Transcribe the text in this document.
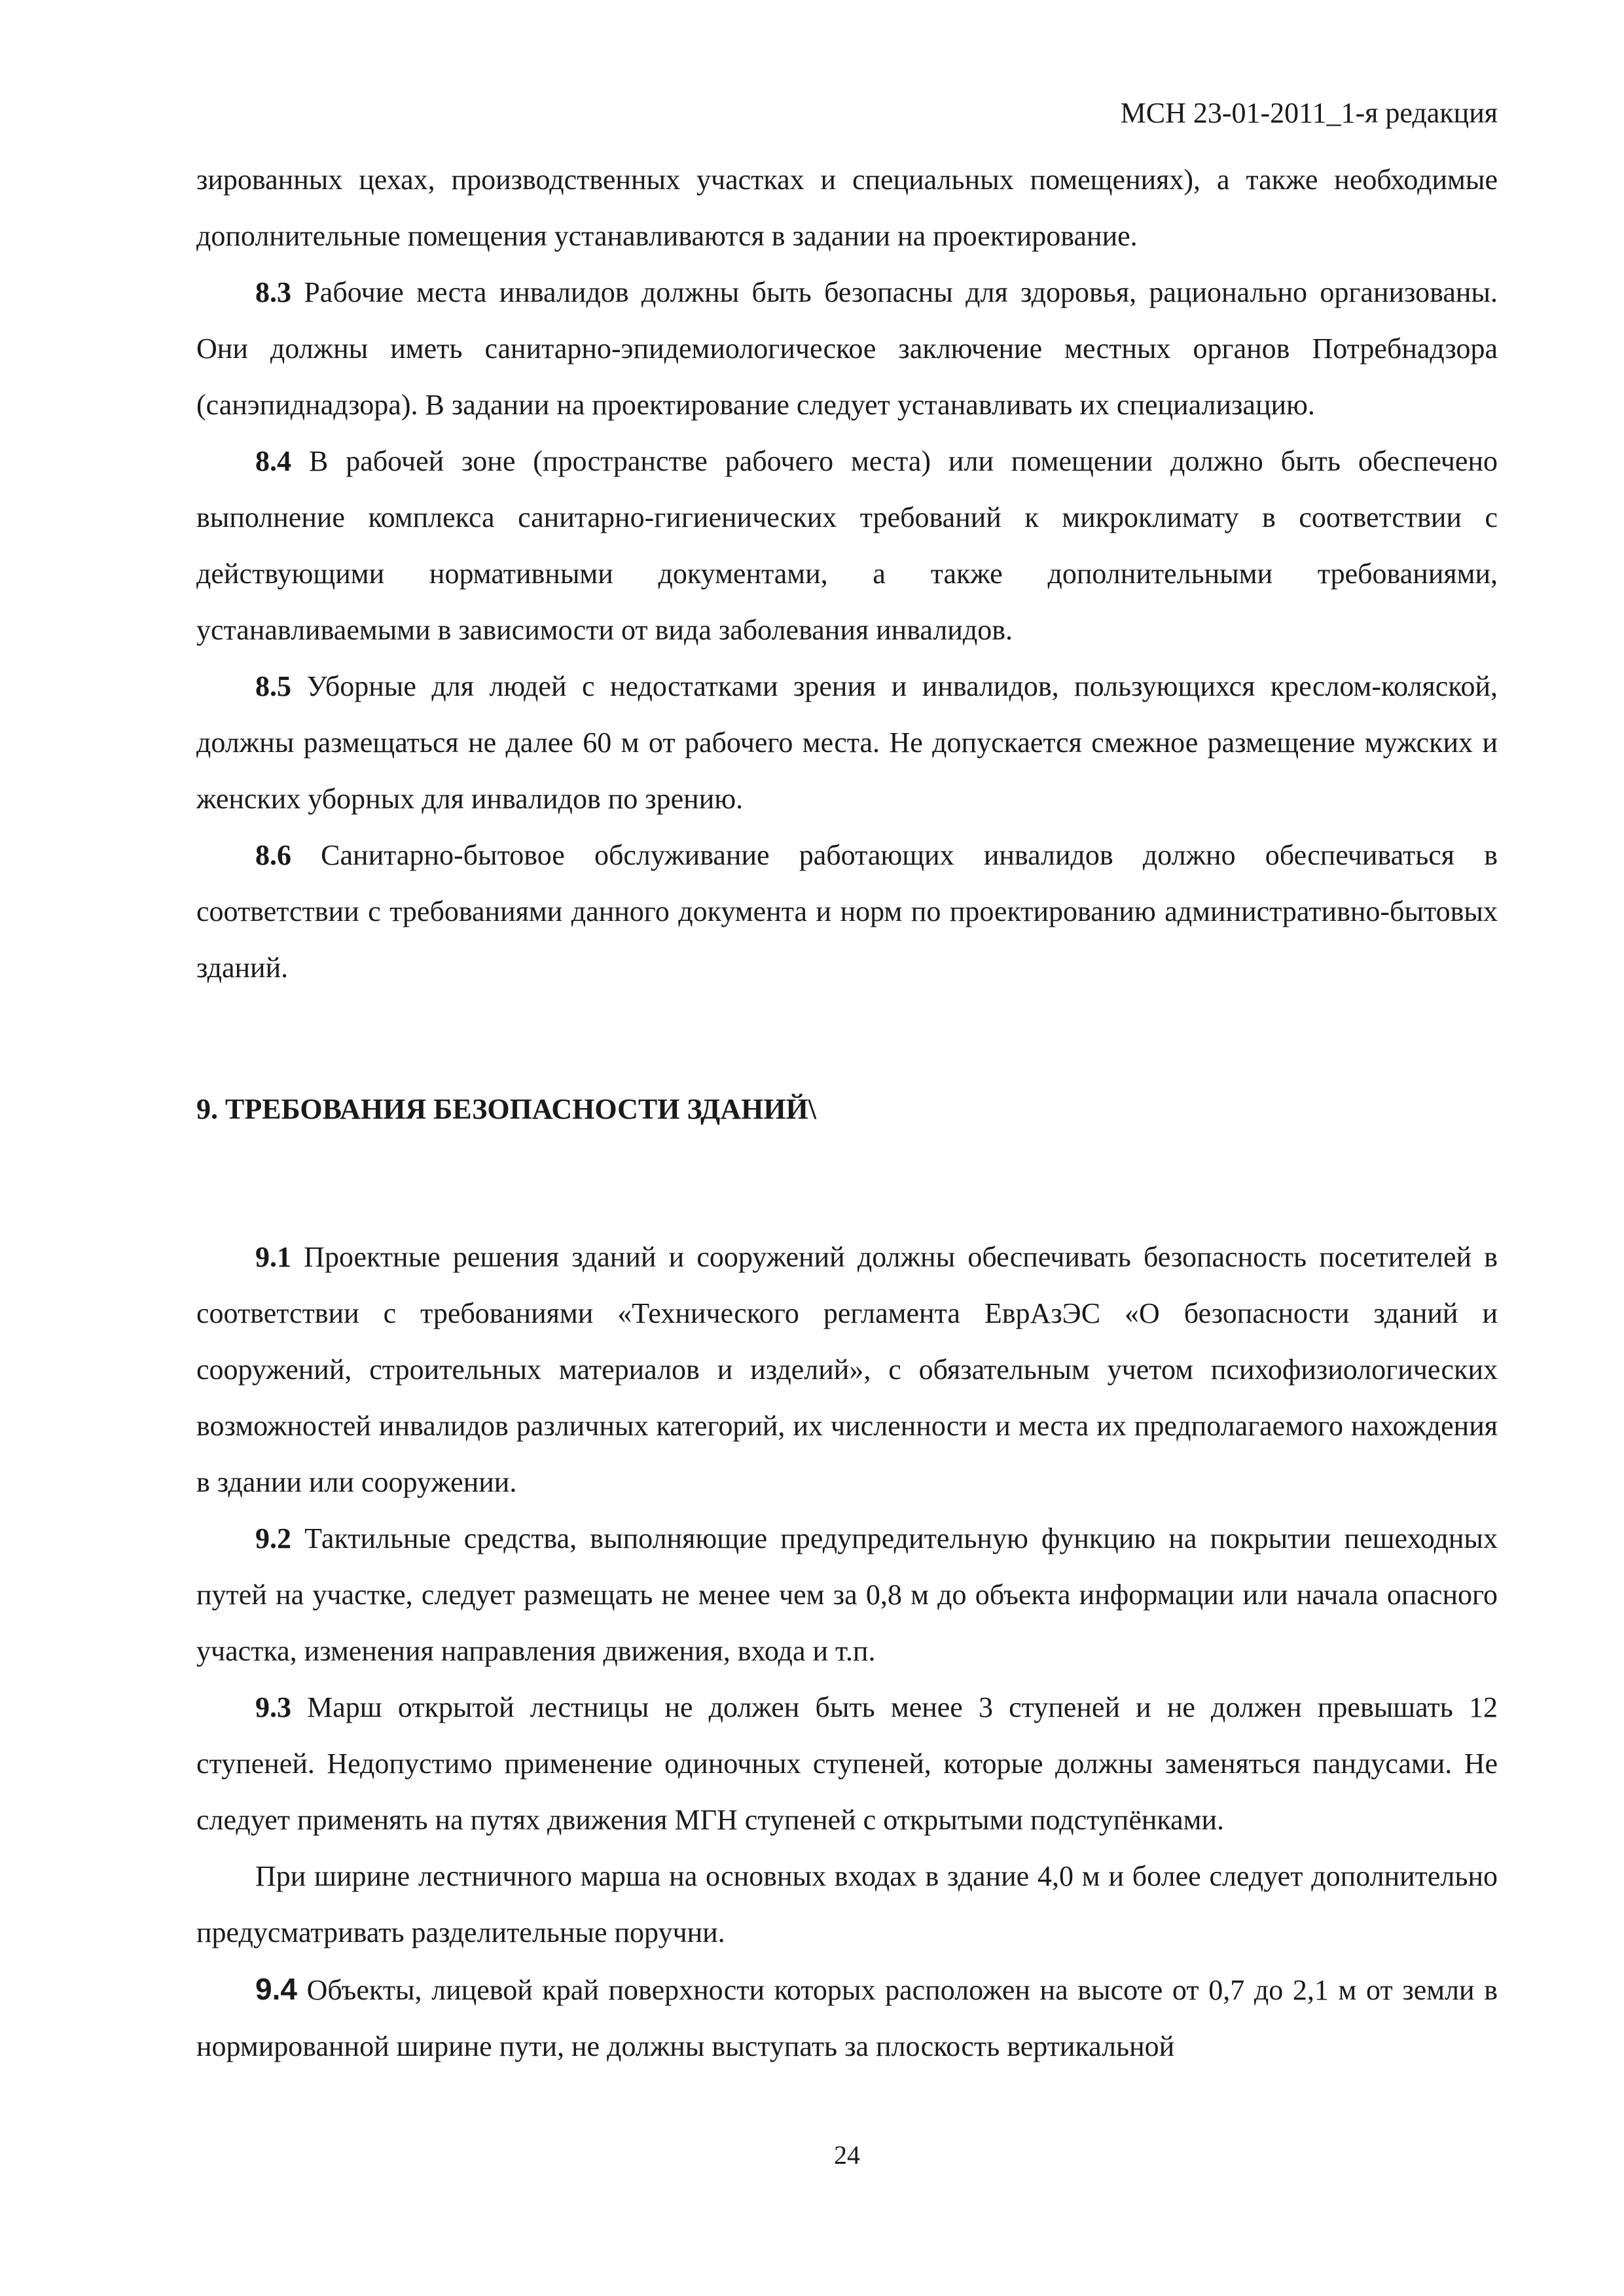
МСН 23-01-2011_1-я редакция

зированных цехах, производственных участках и специальных помещениях), а также необходимые дополнительные помещения устанавливаются в задании на проектирование.

8.3 Рабочие места инвалидов должны быть безопасны для здоровья, рационально организованы. Они должны иметь санитарно-эпидемиологическое заключение местных органов Потребнадзора (санэпиднадзора). В задании на проектирование следует устанавливать их специализацию.

8.4 В рабочей зоне (пространстве рабочего места) или помещении должно быть обеспечено выполнение комплекса санитарно-гигиенических требований к микроклимату в соответствии с действующими нормативными документами, а также дополнительными требованиями, устанавливаемыми в зависимости от вида заболевания инвалидов.

8.5 Уборные для людей с недостатками зрения и инвалидов, пользующихся креслом-коляской, должны размещаться не далее 60 м от рабочего места. Не допускается смежное размещение мужских и женских уборных для инвалидов по зрению.

8.6 Санитарно-бытовое обслуживание работающих инвалидов должно обеспечиваться в соответствии с требованиями данного документа и норм по проектированию административно-бытовых зданий.

9. ТРЕБОВАНИЯ БЕЗОПАСНОСТИ ЗДАНИЙ\

9.1 Проектные решения зданий и сооружений должны обеспечивать безопасность посетителей в соответствии с требованиями «Технического регламента ЕврАзЭС «О безопасности зданий и сооружений, строительных материалов и изделий», с обязательным учетом психофизиологических возможностей инвалидов различных категорий, их численности и места их предполагаемого нахождения в здании или сооружении.

9.2 Тактильные средства, выполняющие предупредительную функцию на покрытии пешеходных путей на участке, следует размещать не менее чем за 0,8 м до объекта информации или начала опасного участка, изменения направления движения, входа и т.п.

9.3 Марш открытой лестницы не должен быть менее 3 ступеней и не должен превышать 12 ступеней. Недопустимо применение одиночных ступеней, которые должны заменяться пандусами. Не следует применять на путях движения МГН ступеней с открытыми подступёнками.

При ширине лестничного марша на основных входах в здание 4,0 м и более следует дополнительно предусматривать разделительные поручни.

9.4 Объекты, лицевой край поверхности которых расположен на высоте от 0,7 до 2,1 м от земли в нормированной ширине пути, не должны выступать за плоскость вертикальной

24
